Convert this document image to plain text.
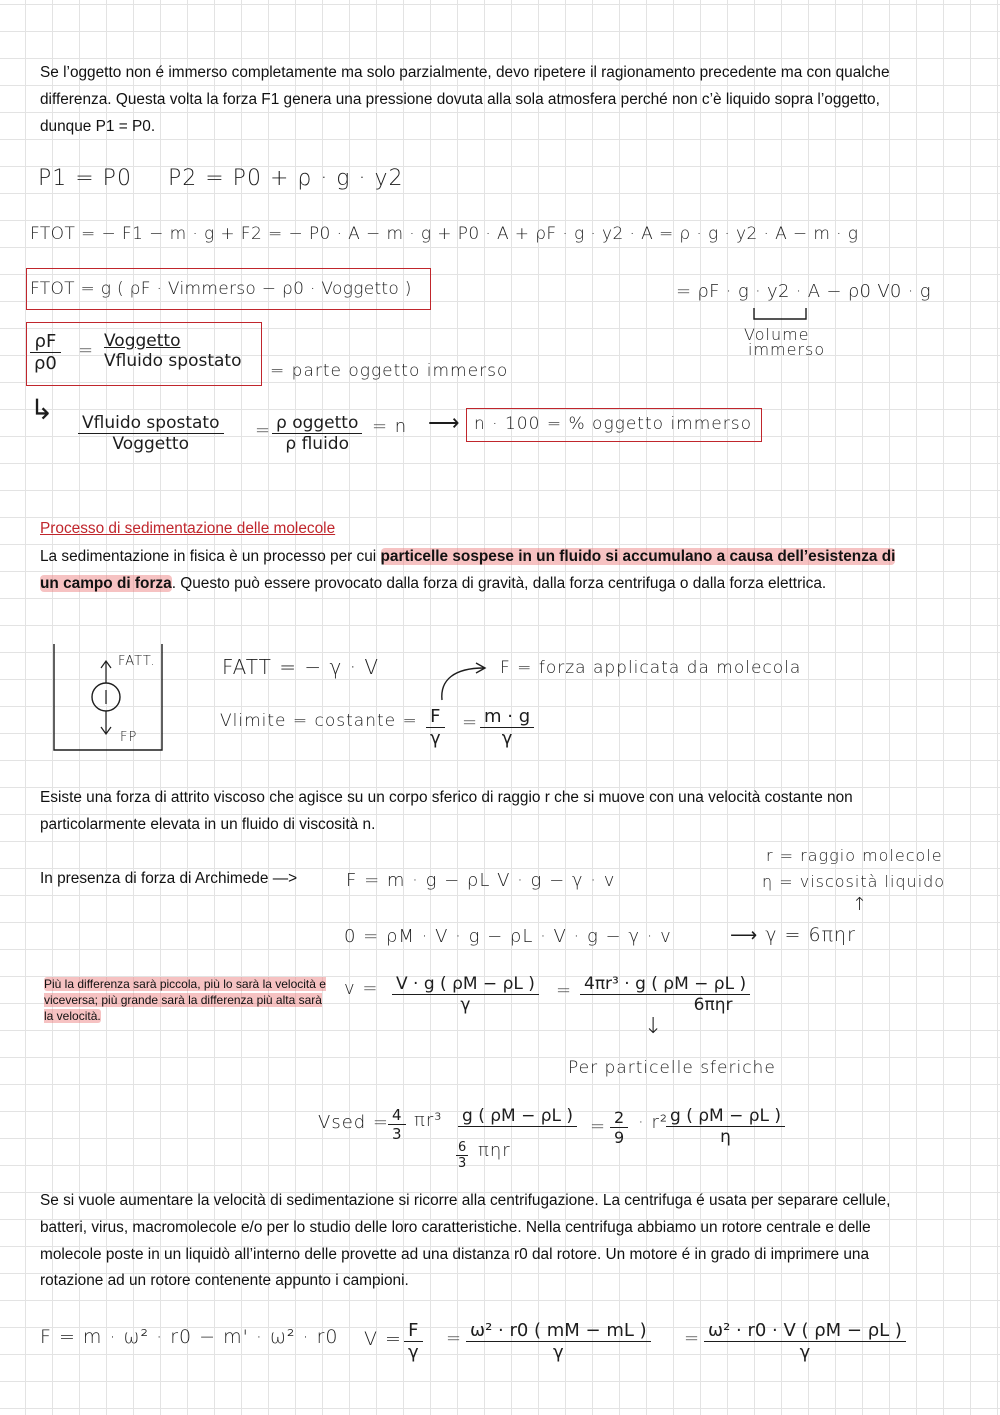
Se l’oggetto non é immerso completamente ma solo parzialmente, devo ripetere il ragionamento precedente ma con qualche
differenza. Questa volta la forza F1 genera una pressione dovuta alla sola atmosfera perché non c’è liquido sopra l’oggetto,
dunque P1 = P0.
P1 = P0 P2 = P0 + ρ · g · y2
FTOT = − F1 − m · g + F2 = − P0 · A − m · g + P0 · A + ρF · g · y2 · A = ρ · g · y2 · A − m · g
FTOT = g ( ρF · Vimmerso − ρ0 · Voggetto )	= ρF · g · y2 · A − ρ0 V0 · g
Volume
immerso
$\frac{\rho F}{\rho 0}$ = Voggetto
Vfluido spostato = parte oggetto immerso
↳ Vfluido spostato
Voggetto
= ρ oggetto
ρ fluido
= n ⟶ n · 100 = % oggetto immerso
Processo di sedimentazione delle molecole
La sedimentazione in fisica è un processo per cui particelle sospese in un fluido si accumulano a causa dell’esistenza di
un campo di forza. Questo può essere provocato dalla forza di gravità, dalla forza centrifuga o dalla forza elettrica.
FATT.
FP
FATT = − γ · V	F = forza applicata da molecola
Vlimite = costante = $\frac{F}{\gamma} = \frac{m \cdot g}{\gamma}$
Esiste una forza di attrito viscoso che agisce su un corpo sferico di raggio r che si muove con una velocità costante non
particolarmente elevata in un fluido di viscosità n.
In presenza di forza di Archimede —>	F = m · g − ρL V · g − γ · v
r = raggio molecole
η = viscosità liquido
↑
0 = ρM · V · g − ρL · V · g − γ · v	⟶ γ = 6πηr
$v = \frac{V \cdot g ( \rho M - \rho L )}{\gamma} = 4\pi r^3 \cdot g$ ( ρM − ρL )
6πηr
↓
Per particelle sferiche
Più la differenza sarà piccola, più lo sarà la velocità e viceversa; più grande sarà la differenza più alta sarà la velocità.
Vsed = $\frac{4}{3} \pi r^3$ g ( ρM − ρL )
$\frac{6}{3}$ πηr
= $\frac{2}{9} \cdot r^2$ ·
$\frac{g ( \rho M - \rho L )}{\eta}$
Se si vuole aumentare la velocità di sedimentazione si ricorre alla centrifugazione. La centrifuga é usata per separare cellule,
batteri, virus, macromolecole e/o per lo studio delle loro caratteristiche. Nella centrifuga abbiamo un rotore centrale e delle
molecole poste in un liquidò all’interno delle provette ad una distanza r0 dal rotore. Un motore é in grado di imprimere una
rotazione ad un rotore contenente appunto i campioni.
F = m · ω² · r0 − m' · ω² · r0 $V = \frac{F}{\gamma} = \frac{\text{ω² · r0 ( mM − mL )}}{\gamma} = \frac{\text{ω² · r0 · V ( ρM − ρL )}}{\gamma}$
